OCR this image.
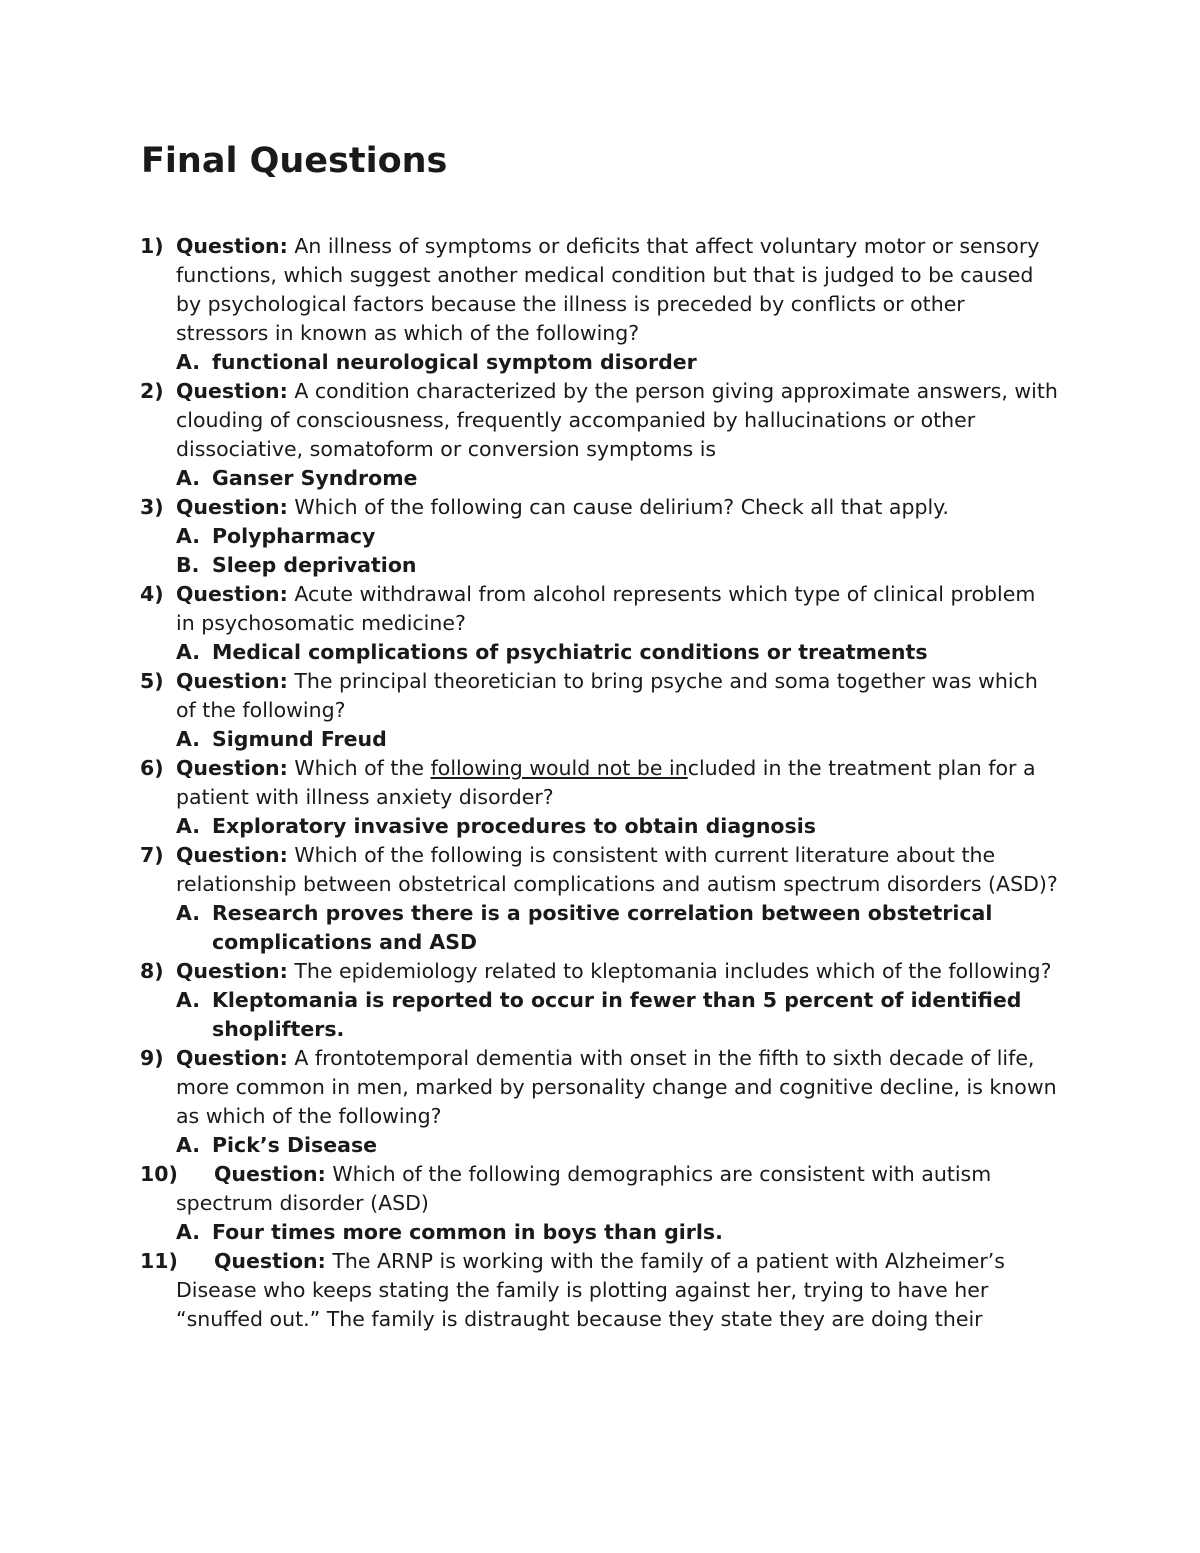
Final Questions
1) Question: An illness of symptoms or deficits that affect voluntary motor or sensory functions, which suggest another medical condition but that is judged to be caused by psychological factors because the illness is preceded by conflicts or other stressors in known as which of the following?
A. functional neurological symptom disorder
2) Question: A condition characterized by the person giving approximate answers, with clouding of consciousness, frequently accompanied by hallucinations or other dissociative, somatoform or conversion symptoms is
A. Ganser Syndrome
3) Question: Which of the following can cause delirium? Check all that apply.
A. Polypharmacy
B. Sleep deprivation
4) Question: Acute withdrawal from alcohol represents which type of clinical problem in psychosomatic medicine?
A. Medical complications of psychiatric conditions or treatments
5) Question: The principal theoretician to bring psyche and soma together was which of the following?
A. Sigmund Freud
6) Question: Which of the following would not be included in the treatment plan for a patient with illness anxiety disorder?
A. Exploratory invasive procedures to obtain diagnosis
7) Question: Which of the following is consistent with current literature about the relationship between obstetrical complications and autism spectrum disorders (ASD)?
A. Research proves there is a positive correlation between obstetrical complications and ASD
8) Question: The epidemiology related to kleptomania includes which of the following?
A. Kleptomania is reported to occur in fewer than 5 percent of identified shoplifters.
9) Question: A frontotemporal dementia with onset in the fifth to sixth decade of life, more common in men, marked by personality change and cognitive decline, is known as which of the following?
A. Pick’s Disease
10) Question: Which of the following demographics are consistent with autism spectrum disorder (ASD)
A. Four times more common in boys than girls.
11) Question: The ARNP is working with the family of a patient with Alzheimer’s Disease who keeps stating the family is plotting against her, trying to have her “snuffed out.” The family is distraught because they state they are doing their
